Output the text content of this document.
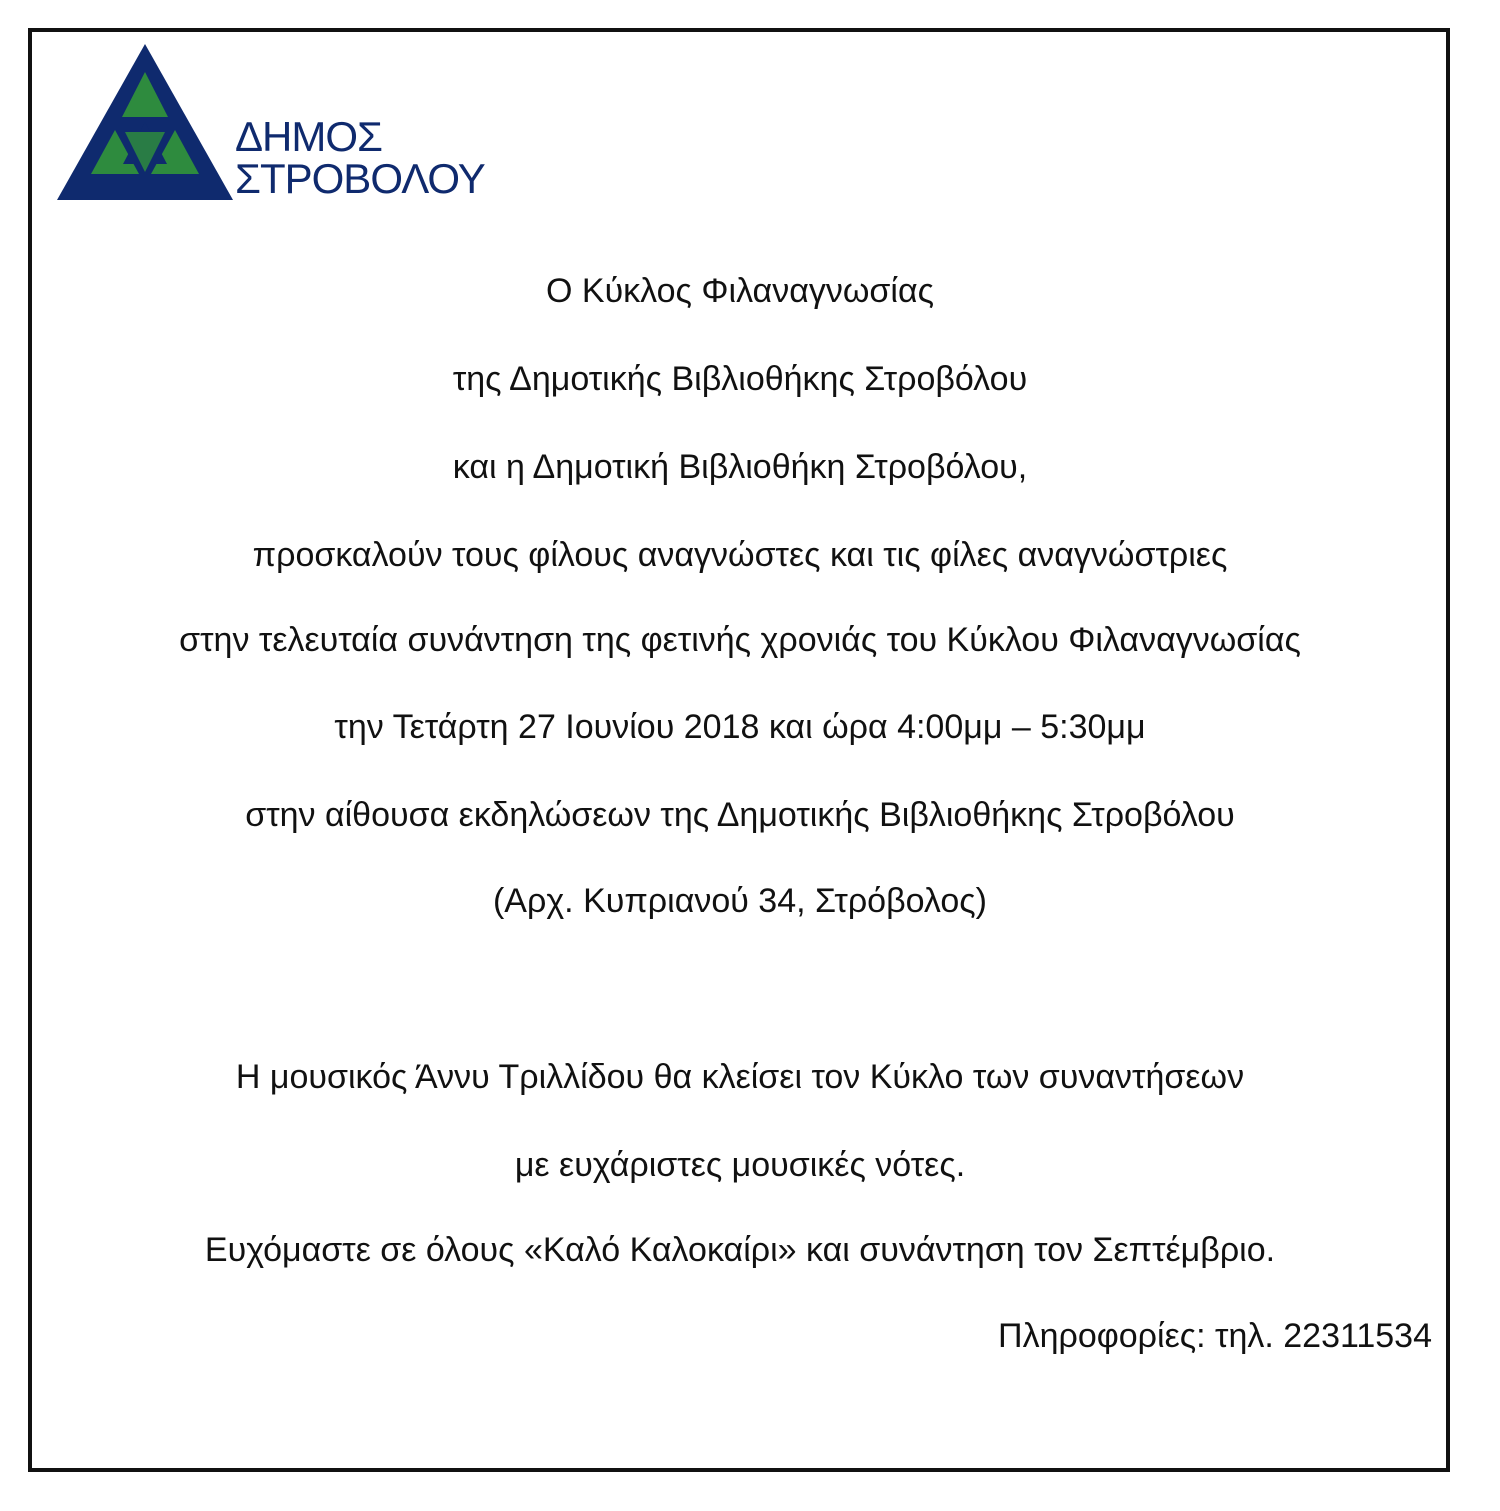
ΔΗΜΟΣ
ΣΤΡΟΒΟΛΟΥ
Ο Κύκλος Φιλαναγνωσίας
της Δημοτικής Βιβλιοθήκης Στροβόλου
και η Δημοτική Βιβλιοθήκη Στροβόλου,
προσκαλούν τους φίλους αναγνώστες και τις φίλες αναγνώστριες
στην τελευταία συνάντηση της φετινής χρονιάς του Κύκλου Φιλαναγνωσίας
την Τετάρτη 27 Ιουνίου 2018 και ώρα 4:00μμ – 5:30μμ
στην αίθουσα εκδηλώσεων της Δημοτικής Βιβλιοθήκης Στροβόλου
(Αρχ. Κυπριανού 34, Στρόβολος)
Η μουσικός Άννυ Τριλλίδου θα κλείσει τον Κύκλο των συναντήσεων
με ευχάριστες μουσικές νότες.
Ευχόμαστε σε όλους «Καλό Καλοκαίρι» και συνάντηση τον Σεπτέμβριο.
Πληροφορίες: τηλ. 22311534
